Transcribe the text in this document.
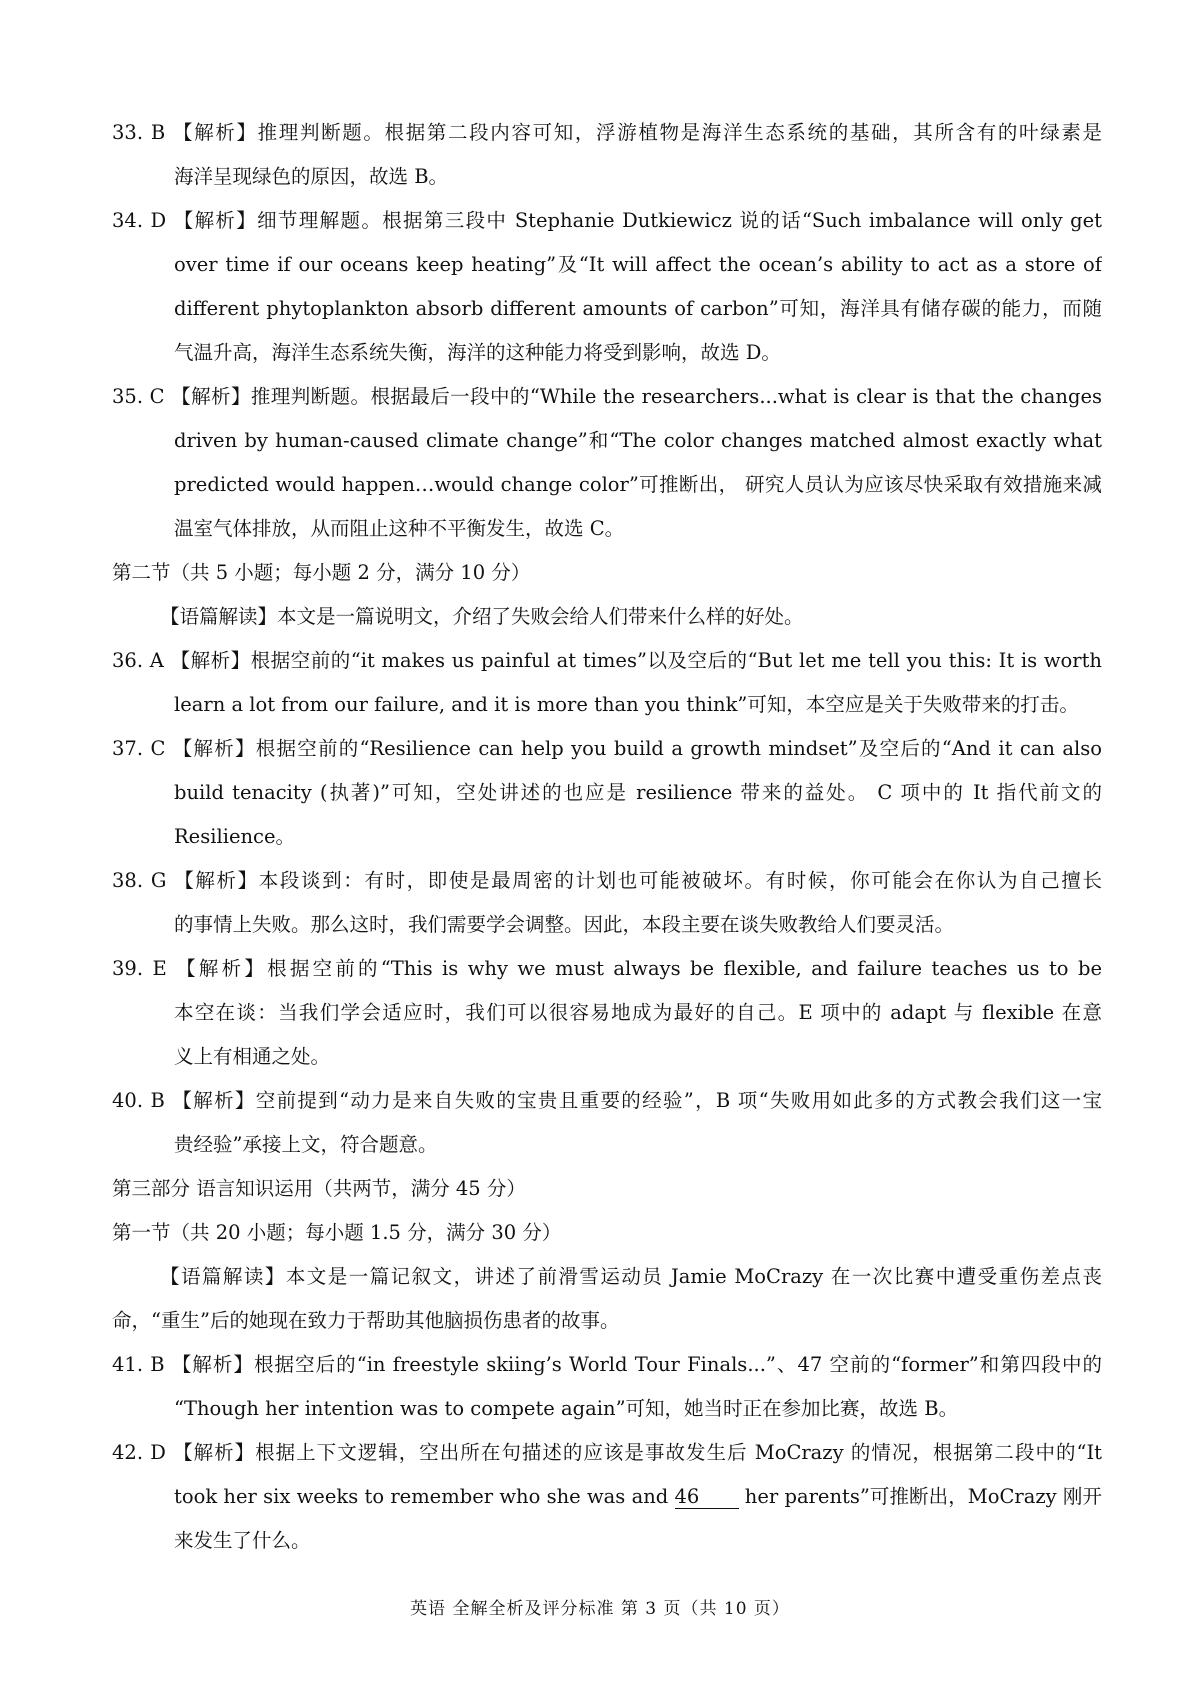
took her six weeks to remember who she was and 46 her parents”可推断出，MoCrazy 刚开
33. B 【解析】推理判断题。根据第二段内容可知，浮游植物是海洋生态系统的基础，其所含有的叶绿素是
海洋呈现绿色的原因，故选 B。
34. D 【解析】细节理解题。根据第三段中 Stephanie Dutkiewicz 说的话“Such imbalance will only get
over time if our oceans keep heating”及“It will affect the ocean’s ability to act as a store of
different phytoplankton absorb different amounts of carbon”可知，海洋具有储存碳的能力，而随
气温升高，海洋生态系统失衡，海洋的这种能力将受到影响，故选 D。
35. C 【解析】推理判断题。根据最后一段中的“While the researchers...what is clear is that the changes
driven by human-caused climate change”和“The color changes matched almost exactly what
predicted would happen…would change color”可推断出， 研究人员认为应该尽快采取有效措施来减
温室气体排放，从而阻止这种不平衡发生，故选 C。
第二节（共 5 小题；每小题 2 分，满分 10 分）
【语篇解读】本文是一篇说明文，介绍了失败会给人们带来什么样的好处。
36. A 【解析】根据空前的“it makes us painful at times”以及空后的“But let me tell you this: It is worth
learn a lot from our failure, and it is more than you think”可知，本空应是关于失败带来的打击。
37. C 【解析】根据空前的“Resilience can help you build a growth mindset”及空后的“And it can also
build tenacity (执著)”可知，空处讲述的也应是 resilience 带来的益处。 C 项中的 It 指代前文的
Resilience。
38. G 【解析】本段谈到：有时，即使是最周密的计划也可能被破坏。有时候，你可能会在你认为自己擅长
的事情上失败。那么这时，我们需要学会调整。因此，本段主要在谈失败教给人们要灵活。
39. E 【解析】根据空前的“This is why we must always be flexible, and failure teaches us to be
本空在谈：当我们学会适应时，我们可以很容易地成为最好的自己。E 项中的 adapt 与 flexible 在意
义上有相通之处。
40. B 【解析】空前提到“动力是来自失败的宝贵且重要的经验”，B 项“失败用如此多的方式教会我们这一宝
贵经验”承接上文，符合题意。
第三部分 语言知识运用（共两节，满分 45 分）
第一节（共 20 小题；每小题 1.5 分，满分 30 分）
【语篇解读】本文是一篇记叙文，讲述了前滑雪运动员 Jamie MoCrazy 在一次比赛中遭受重伤差点丧
命，“重生”后的她现在致力于帮助其他脑损伤患者的故事。
41. B 【解析】根据空后的“in freestyle skiing’s World Tour Finals...”、47 空前的“former”和第四段中的
“Though her intention was to compete again”可知，她当时正在参加比赛，故选 B。
42. D 【解析】根据上下文逻辑，空出所在句描述的应该是事故发生后 MoCrazy 的情况，根据第二段中的“It
来发生了什么。
英语 全解全析及评分标准 第 3 页（共 10 页）
